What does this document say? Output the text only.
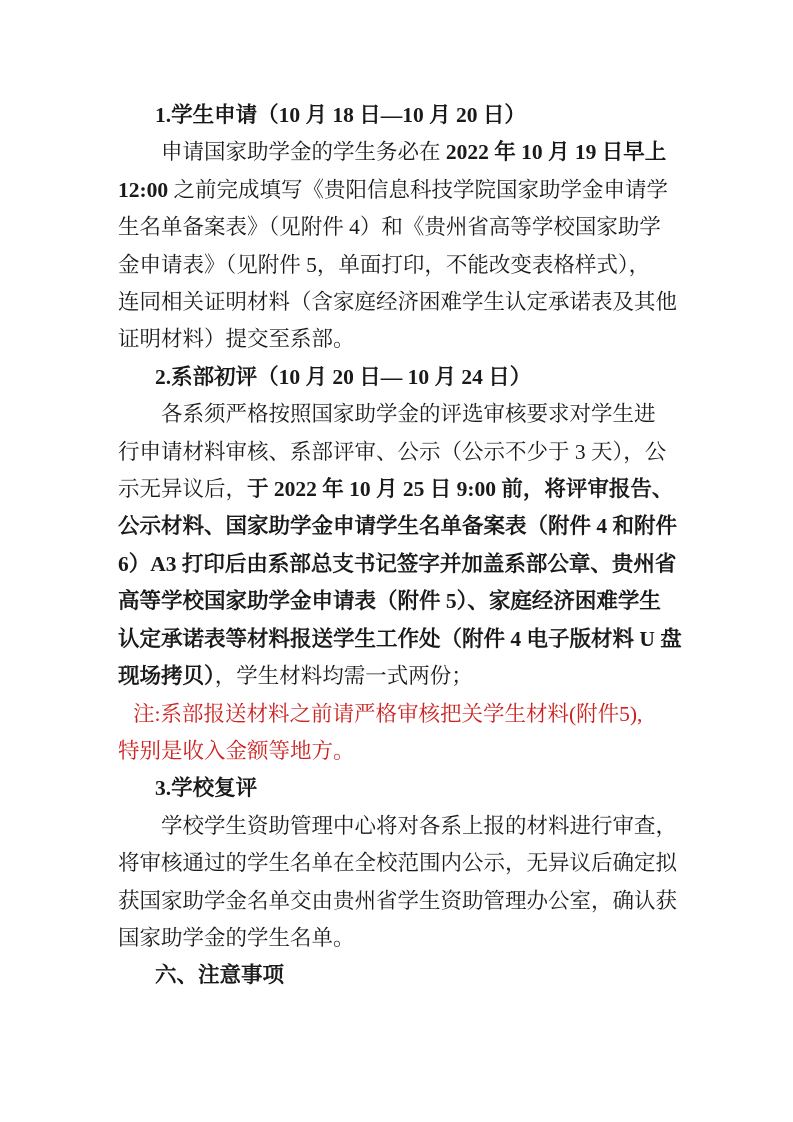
1.学生申请（10 月 18 日—10 月 20 日）
申请国家助学金的学生务必在 2022 年 10 月 19 日早上
12:00 之前完成填写《贵阳信息科技学院国家助学金申请学
生名单备案表》（见附件 4）和《贵州省高等学校国家助学
金申请表》（见附件 5，单面打印，不能改变表格样式），
连同相关证明材料（含家庭经济困难学生认定承诺表及其他
证明材料）提交至系部。
2.系部初评（10 月 20 日— 10 月 24 日）
各系须严格按照国家助学金的评选审核要求对学生进
行申请材料审核、系部评审、公示（公示不少于 3 天），公
示无异议后，于 2022 年 10 月 25 日 9:00 前，将评审报告、
公示材料、国家助学金申请学生名单备案表（附件 4 和附件
6）A3 打印后由系部总支书记签字并加盖系部公章、贵州省
高等学校国家助学金申请表（附件 5）、家庭经济困难学生
认定承诺表等材料报送学生工作处（附件 4 电子版材料 U 盘
现场拷贝），学生材料均需一式两份；
注:系部报送材料之前请严格审核把关学生材料(附件5),
特别是收入金额等地方。
3.学校复评
学校学生资助管理中心将对各系上报的材料进行审查，
将审核通过的学生名单在全校范围内公示，无异议后确定拟
获国家助学金名单交由贵州省学生资助管理办公室，确认获
国家助学金的学生名单。
六、注意事项
